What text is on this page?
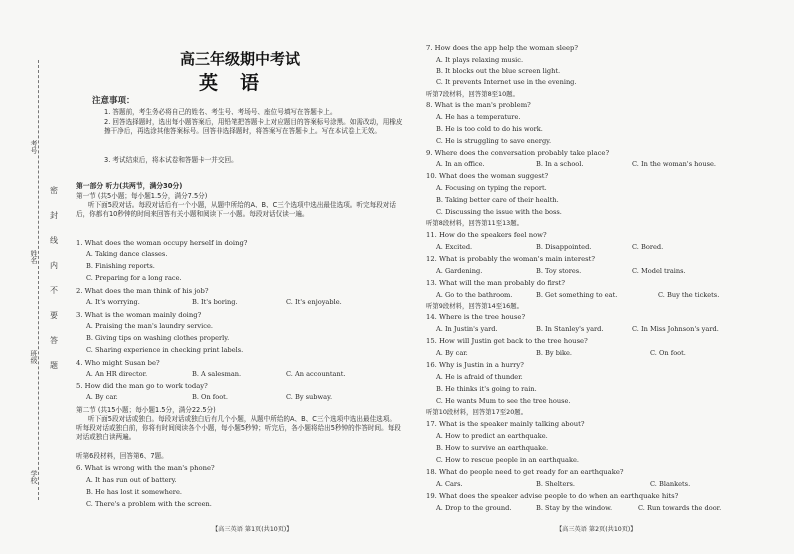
考号
姓名
班级
学校
密
封
线
内
不
要
答
题
高三年级期中考试
英语
注意事项：
1. 答题前，考生务必将自己的姓名、考生号、考场号、座位号填写在答题卡上。
2. 回答选择题时，选出每小题答案后，用铅笔把答题卡上对应题目的答案标号涂黑。如需改动，用橡皮擦干净后，再选涂其他答案标号。回答非选择题时，将答案写在答题卡上。写在本试卷上无效。
3. 考试结束后，将本试卷和答题卡一并交回。
第一部分 听力(共两节，满分30分)
第一节 (共5小题；每小题1.5分，满分7.5分)
听下面5段对话。每段对话后有一个小题，从题中所给的A、B、C三个选项中选出最佳选项。听完每段对话后，你都有10秒钟的时间来回答有关小题和阅读下一小题。每段对话仅读一遍。
1. What does the woman occupy herself in doing?
A. Taking dance classes.
B. Finishing reports.
C. Preparing for a long race.
2. What does the man think of his job?
A. It's worrying.	B. It's boring.	C. It's enjoyable.
3. What is the woman mainly doing?
A. Praising the man's laundry service.
B. Giving tips on washing clothes properly.
C. Sharing experience in checking print labels.
4. Who might Susan be?
A. An HR director.	B. A salesman.	C. An accountant.
5. How did the man go to work today?
A. By car.	B. On foot.	C. By subway.
第二节 (共15小题；每小题1.5分，满分22.5分)
听下面5段对话或独白。每段对话或独白后有几个小题，从题中所给的A、B、C三个选项中选出最佳选项。听每段对话或独白前，你将有时间阅读各个小题，每小题5秒钟；听完后，各小题将给出5秒钟的作答时间。每段对话或独白读两遍。
听第6段材料，回答第6、7题。
6. What is wrong with the man's phone?
A. It has run out of battery.
B. He has lost it somewhere.
C. There's a problem with the screen.
【高三英语 第1页(共10页)】
7. How does the app help the woman sleep?
A. It plays relaxing music.
B. It blocks out the blue screen light.
C. It prevents Internet use in the evening.
听第7段材料，回答第8至10题。
8. What is the man's problem?
A. He has a temperature.
B. He is too cold to do his work.
C. He is struggling to save energy.
9. Where does the conversation probably take place?
A. In an office.	B. In a school.	C. In the woman's house.
10. What does the woman suggest?
A. Focusing on typing the report.
B. Taking better care of their health.
C. Discussing the issue with the boss.
听第8段材料，回答第11至13题。
11. How do the speakers feel now?
A. Excited.	B. Disappointed.	C. Bored.
12. What is probably the woman's main interest?
A. Gardening.	B. Toy stores.	C. Model trains.
13. What will the man probably do first?
A. Go to the bathroom.	B. Get something to eat.	C. Buy the tickets.
听第9段材料，回答第14至16题。
14. Where is the tree house?
A. In Justin's yard.	B. In Stanley's yard.	C. In Miss Johnson's yard.
15. How will Justin get back to the tree house?
A. By car.	B. By bike.	C. On foot.
16. Why is Justin in a hurry?
A. He is afraid of thunder.
B. He thinks it's going to rain.
C. He wants Mum to see the tree house.
听第10段材料，回答第17至20题。
17. What is the speaker mainly talking about?
A. How to predict an earthquake.
B. How to survive an earthquake.
C. How to rescue people in an earthquake.
18. What do people need to get ready for an earthquake?
A. Cars.	B. Shelters.	C. Blankets.
19. What does the speaker advise people to do when an earthquake hits?
A. Drop to the ground.	B. Stay by the window.	C. Run towards the door.
【高三英语 第2页(共10页)】
